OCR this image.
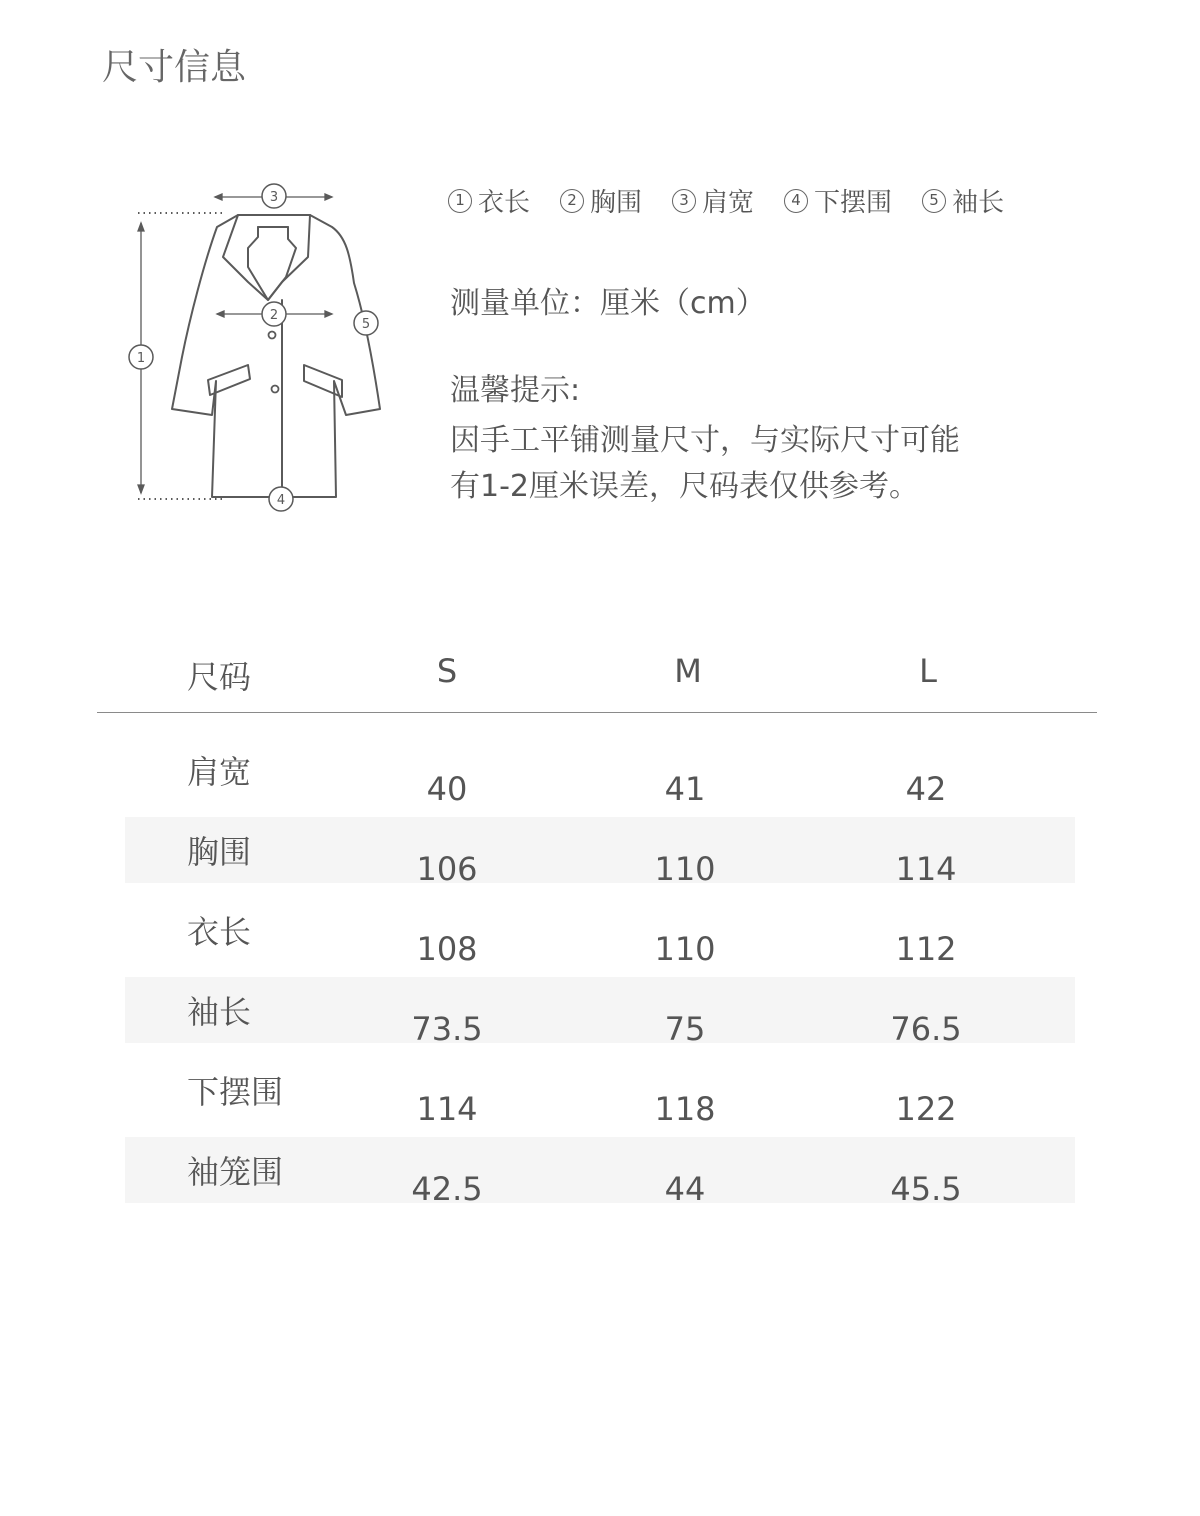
尺寸信息
3
2
1
5
4
1 衣长	2 胸围	3 肩宽	4 下摆围	5 袖长
测量单位：厘米（cm）
温馨提示:
因手工平铺测量尺寸，与实际尺寸可能
有1-2厘米误差，尺码表仅供参考。
尺码	S	M	L
肩宽	40	41	42
胸围	106	110	114
衣长	108	110	112
袖长	73.5	75	76.5
下摆围	114	118	122
袖笼围	42.5	44	45.5
